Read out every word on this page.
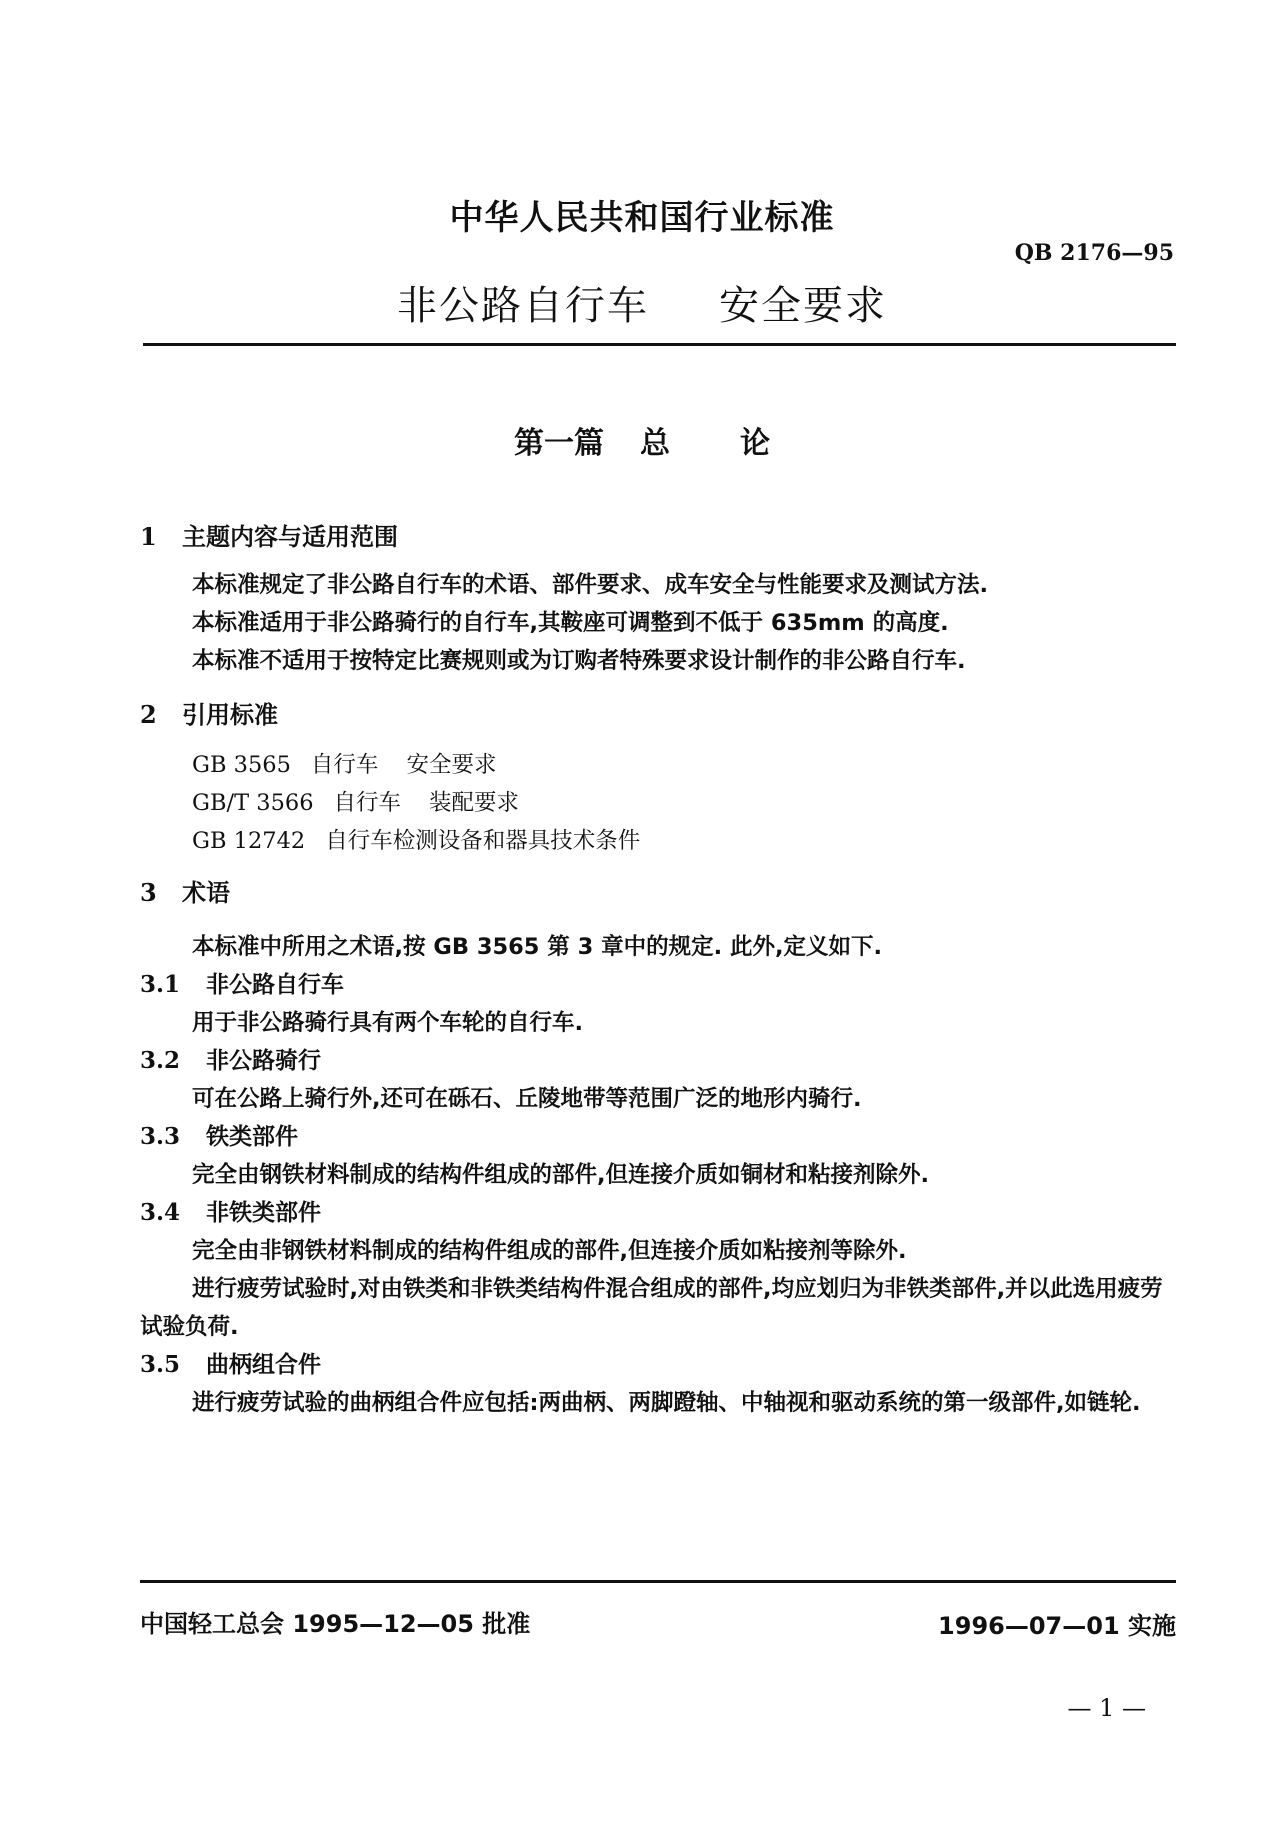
中华人民共和国行业标准
QB 2176—95
非公路自行车 安全要求
第一篇 总 论
1 主题内容与适用范围

本标准规定了非公路自行车的术语、部件要求、成车安全与性能要求及测试方法.

本标准适用于非公路骑行的自行车,其鞍座可调整到不低于 635mm 的高度.

本标准不适用于按特定比赛规则或为订购者特殊要求设计制作的非公路自行车.

2 引用标准
GB 3565 自行车 安全要求
GB/T 3566 自行车 装配要求
GB 12742 自行车检测设备和器具技术条件
3 术语

本标准中所用之术语,按 GB 3565 第 3 章中的规定. 此外,定义如下.

3.1 非公路自行车

用于非公路骑行具有两个车轮的自行车.

3.2 非公路骑行

可在公路上骑行外,还可在砾石、丘陵地带等范围广泛的地形内骑行.

3.3 铁类部件

完全由钢铁材料制成的结构件组成的部件,但连接介质如铜材和粘接剂除外.

3.4 非铁类部件

完全由非钢铁材料制成的结构件组成的部件,但连接介质如粘接剂等除外.

进行疲劳试验时,对由铁类和非铁类结构件混合组成的部件,均应划归为非铁类部件,并以此选用疲劳试验负荷.

3.5 曲柄组合件

进行疲劳试验的曲柄组合件应包括:两曲柄、两脚蹬轴、中轴视和驱动系统的第一级部件,如链轮.

中国轻工总会 1995—12—05 批准	1996—07—01 实施
— 1 —
